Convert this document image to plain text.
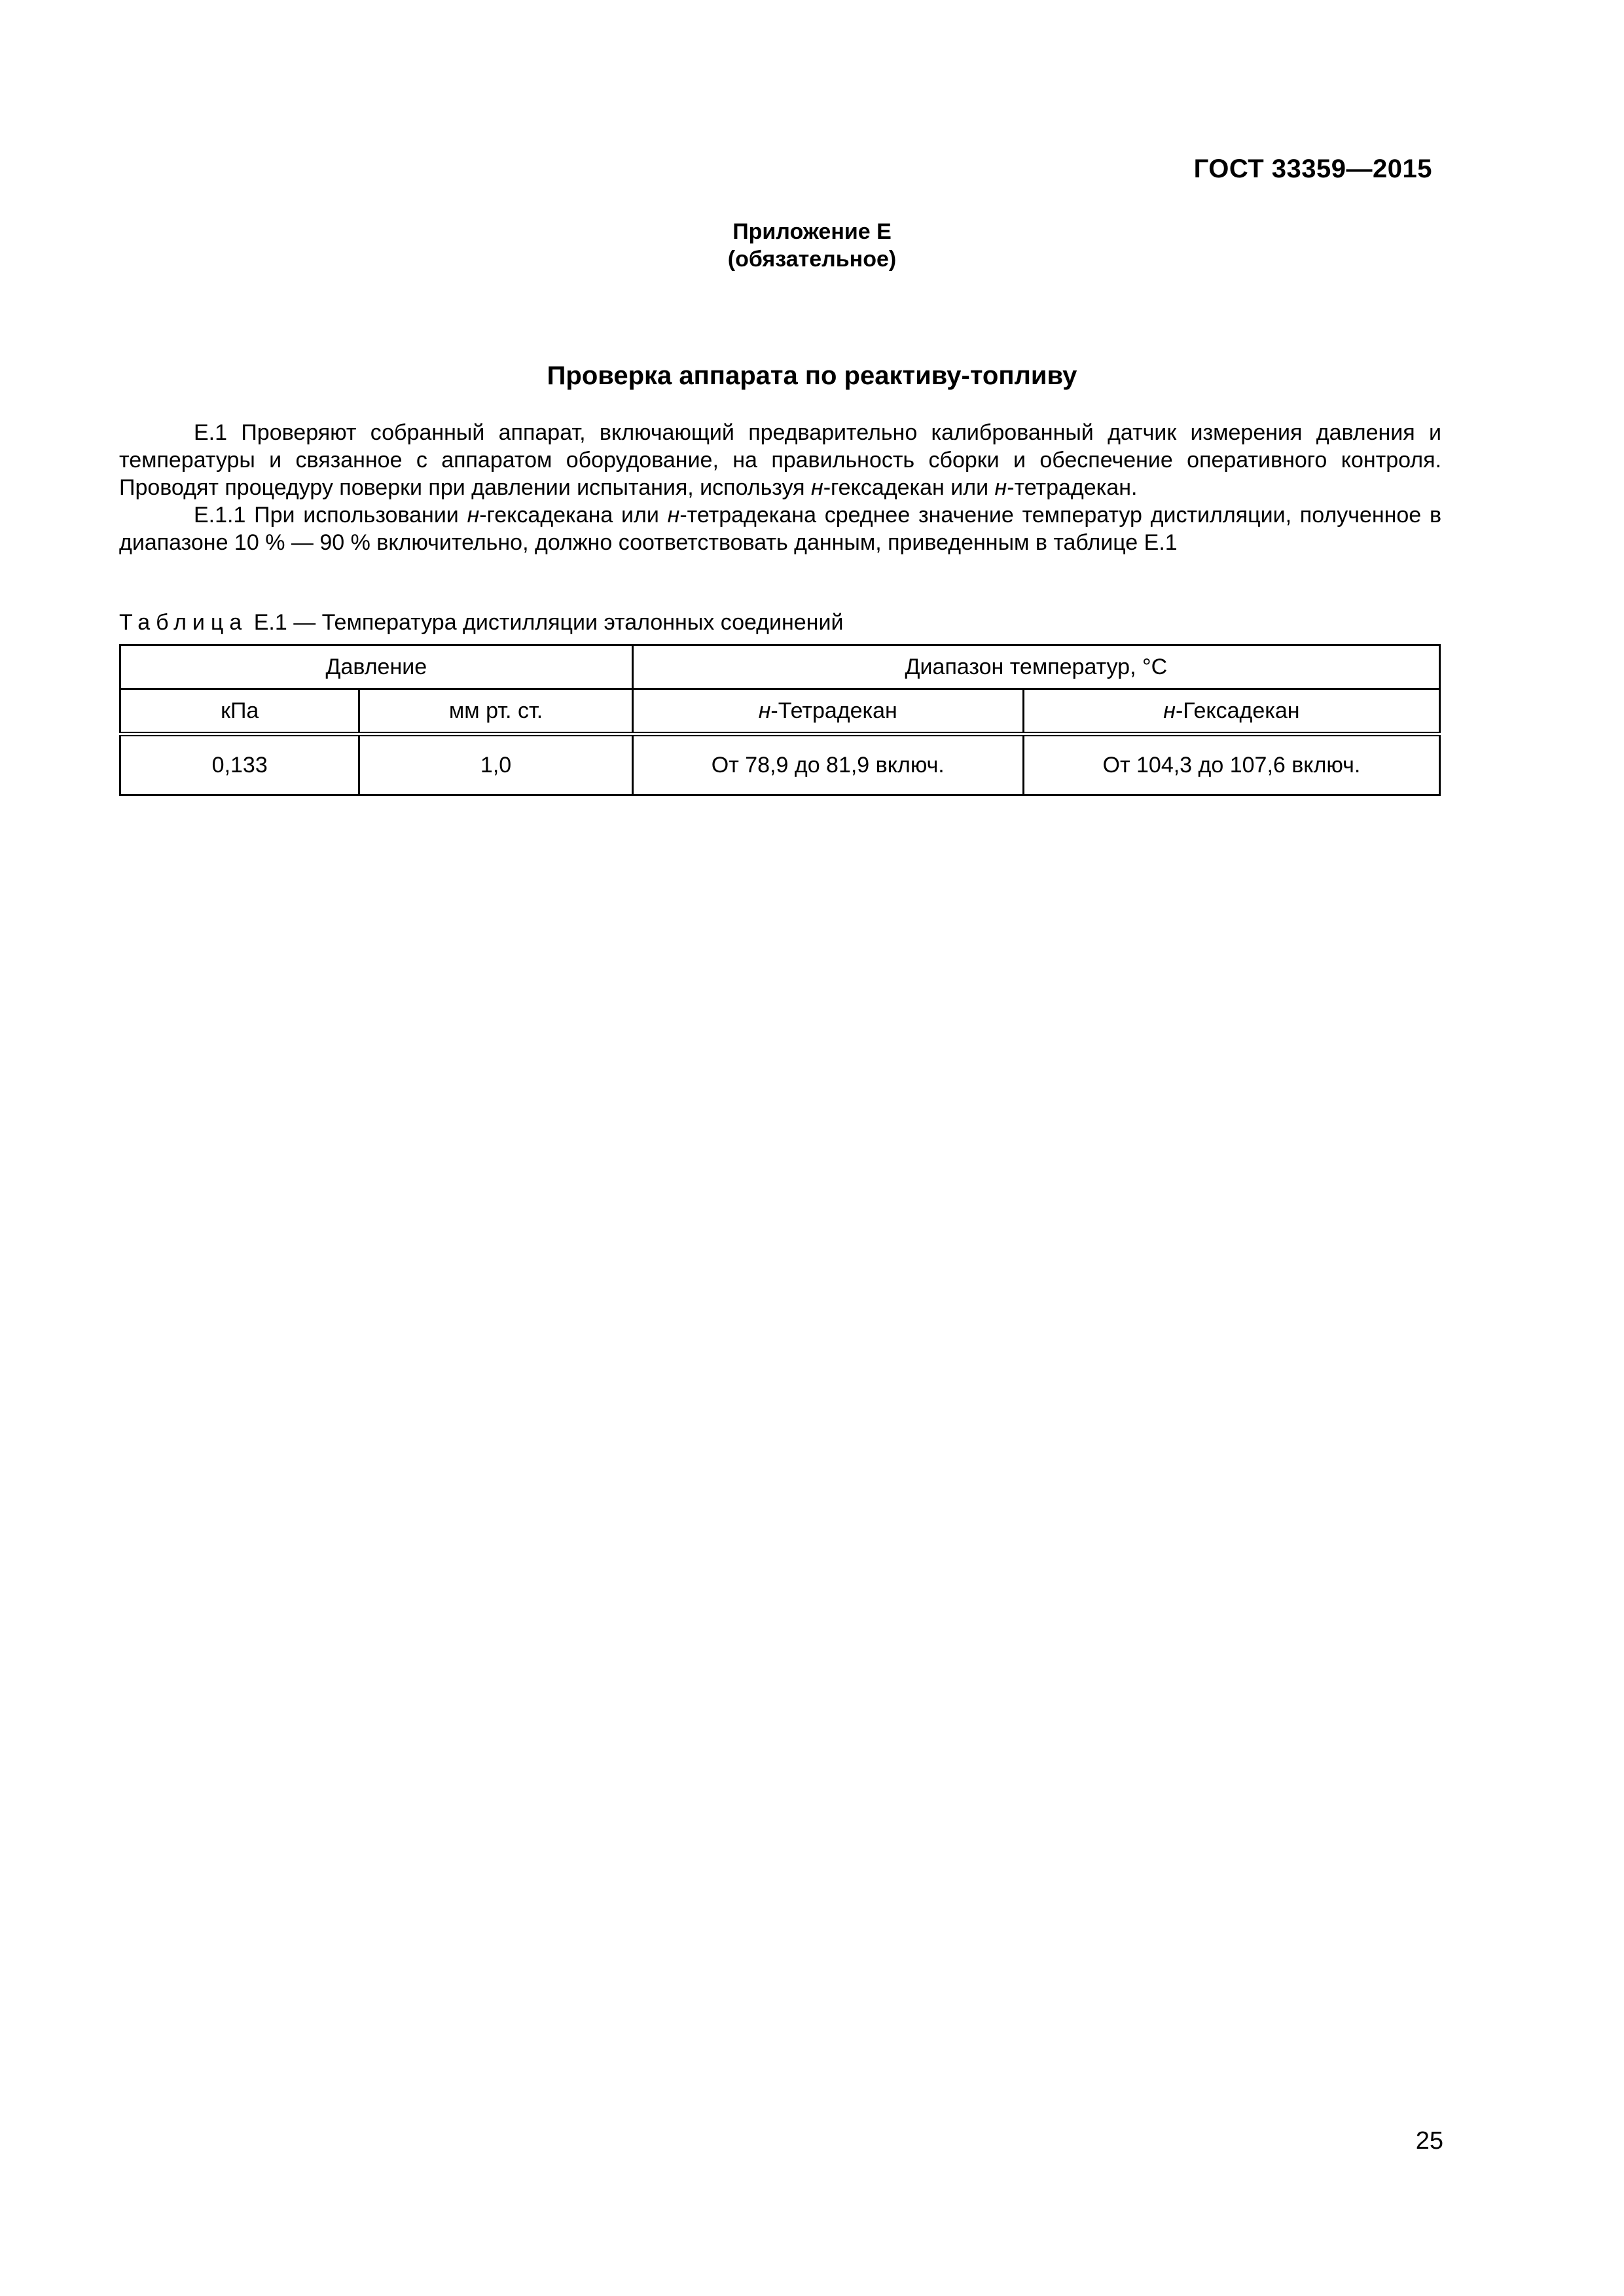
ГОСТ 33359—2015
Приложение Е
(обязательное)
Проверка аппарата по реактиву-топливу

Е.1 Проверяют собранный аппарат, включающий предварительно калиброванный датчик измерения давления и температуры и связанное с аппаратом оборудование, на правильность сборки и обеспечение оперативного контроля. Проводят процедуру поверки при давлении испытания, используя н-гексадекан или н-тетрадекан.

Е.1.1 При использовании н-гексадекана или н-тетрадекана среднее значение температур дистилляции, полученное в диапазоне 10 % — 90 % включительно, должно соответствовать данным, приведенным в таблице Е.1

Таблица Е.1 — Температура дистилляции эталонных соединений
Давление		Диапазон температур, °С	
кПа	мм рт. ст.	н-Тетрадекан	н-Гексадекан
0,133	1,0	От 78,9 до 81,9 включ.	От 104,3 до 107,6 включ.
25
